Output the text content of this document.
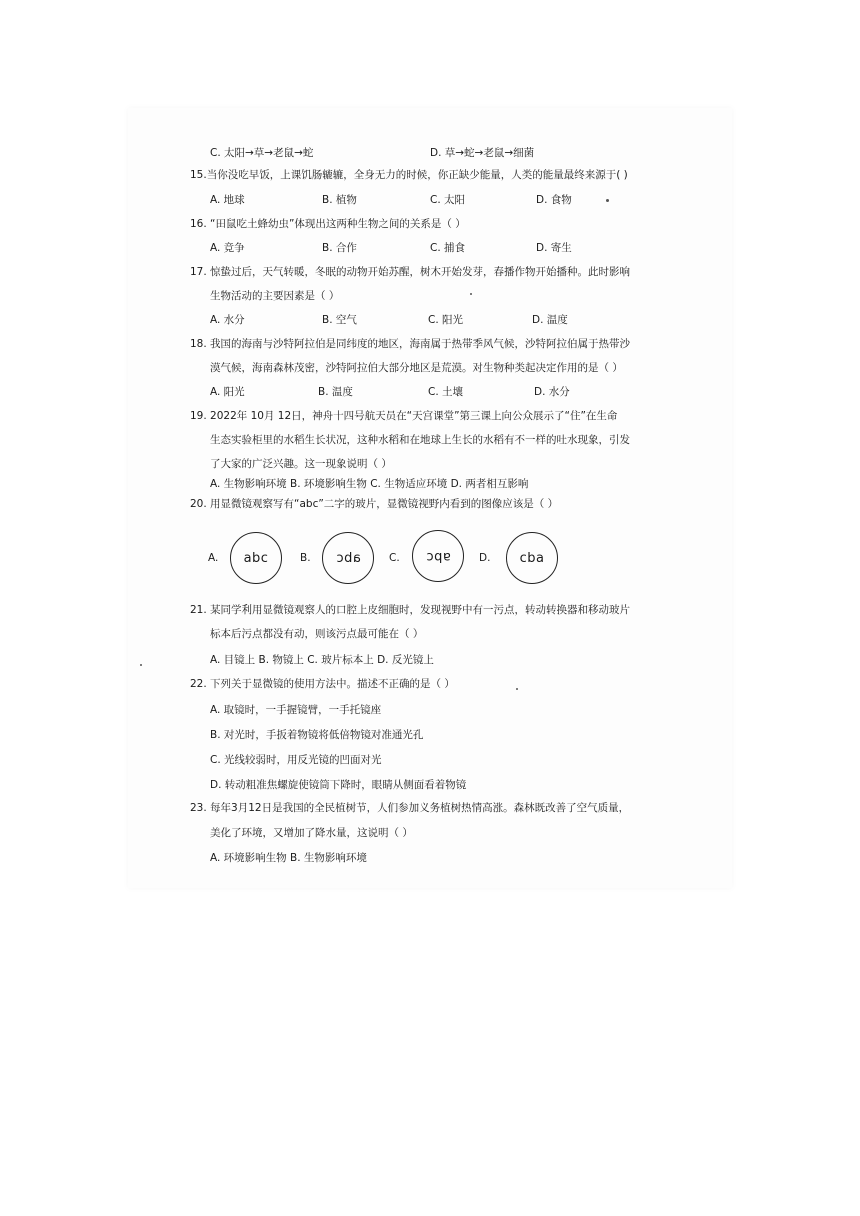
C. 太阳→草→老鼠→蛇	D. 草→蛇→老鼠→细菌
15.当你没吃早饭，上课饥肠辘辘，全身无力的时候，你正缺少能量，人类的能量最终来源于( )
A. 地球	B. 植物	C. 太阳	D. 食物
16. “田鼠吃土蜂幼虫”体现出这两种生物之间的关系是（ ）
A. 竞争	B. 合作	C. 捕食	D. 寄生
17. 惊蛰过后，天气转暖，冬眠的动物开始苏醒，树木开始发芽，春播作物开始播种。此时影响
生物活动的主要因素是（ ）
A. 水分	B. 空气	C. 阳光	D. 温度
18. 我国的海南与沙特阿拉伯是同纬度的地区，海南属于热带季风气候，沙特阿拉伯属于热带沙
漠气候，海南森林茂密，沙特阿拉伯大部分地区是荒漠。对生物种类起决定作用的是（ ）
A. 阳光	B. 温度	C. 土壤	D. 水分
19. 2022年 10月 12日，神舟十四号航天员在“天宫课堂”第三课上向公众展示了“住”在生命
生态实验柜里的水稻生长状况，这种水稻和在地球上生长的水稻有不一样的吐水现象，引发
了大家的广泛兴趣。这一现象说明（ ）
A. 生物影响环境 B. 环境影响生物 C. 生物适应环境 D. 两者相互影响
20. 用显微镜观察写有“abc”二字的玻片，显微镜视野内看到的图像应该是（ ）
A. abc	B. abc	C. abc	D. cba
21. 某同学利用显微镜观察人的口腔上皮细胞时，发现视野中有一污点，转动转换器和移动玻片
标本后污点都没有动，则该污点最可能在（ ）
A. 目镜上 B. 物镜上 C. 玻片标本上 D. 反光镜上
22. 下列关于显微镜的使用方法中。描述不正确的是（ ）
A. 取镜时，一手握镜臂，一手托镜座
B. 对光时，手扳着物镜将低倍物镜对准通光孔
C. 光线较弱时，用反光镜的凹面对光
D. 转动粗准焦螺旋使镜筒下降时，眼睛从侧面看着物镜
23. 每年3月12日是我国的全民植树节，人们参加义务植树热情高涨。森林既改善了空气质量，
美化了环境，又增加了降水量，这说明（ ）
A. 环境影响生物 B. 生物影响环境
